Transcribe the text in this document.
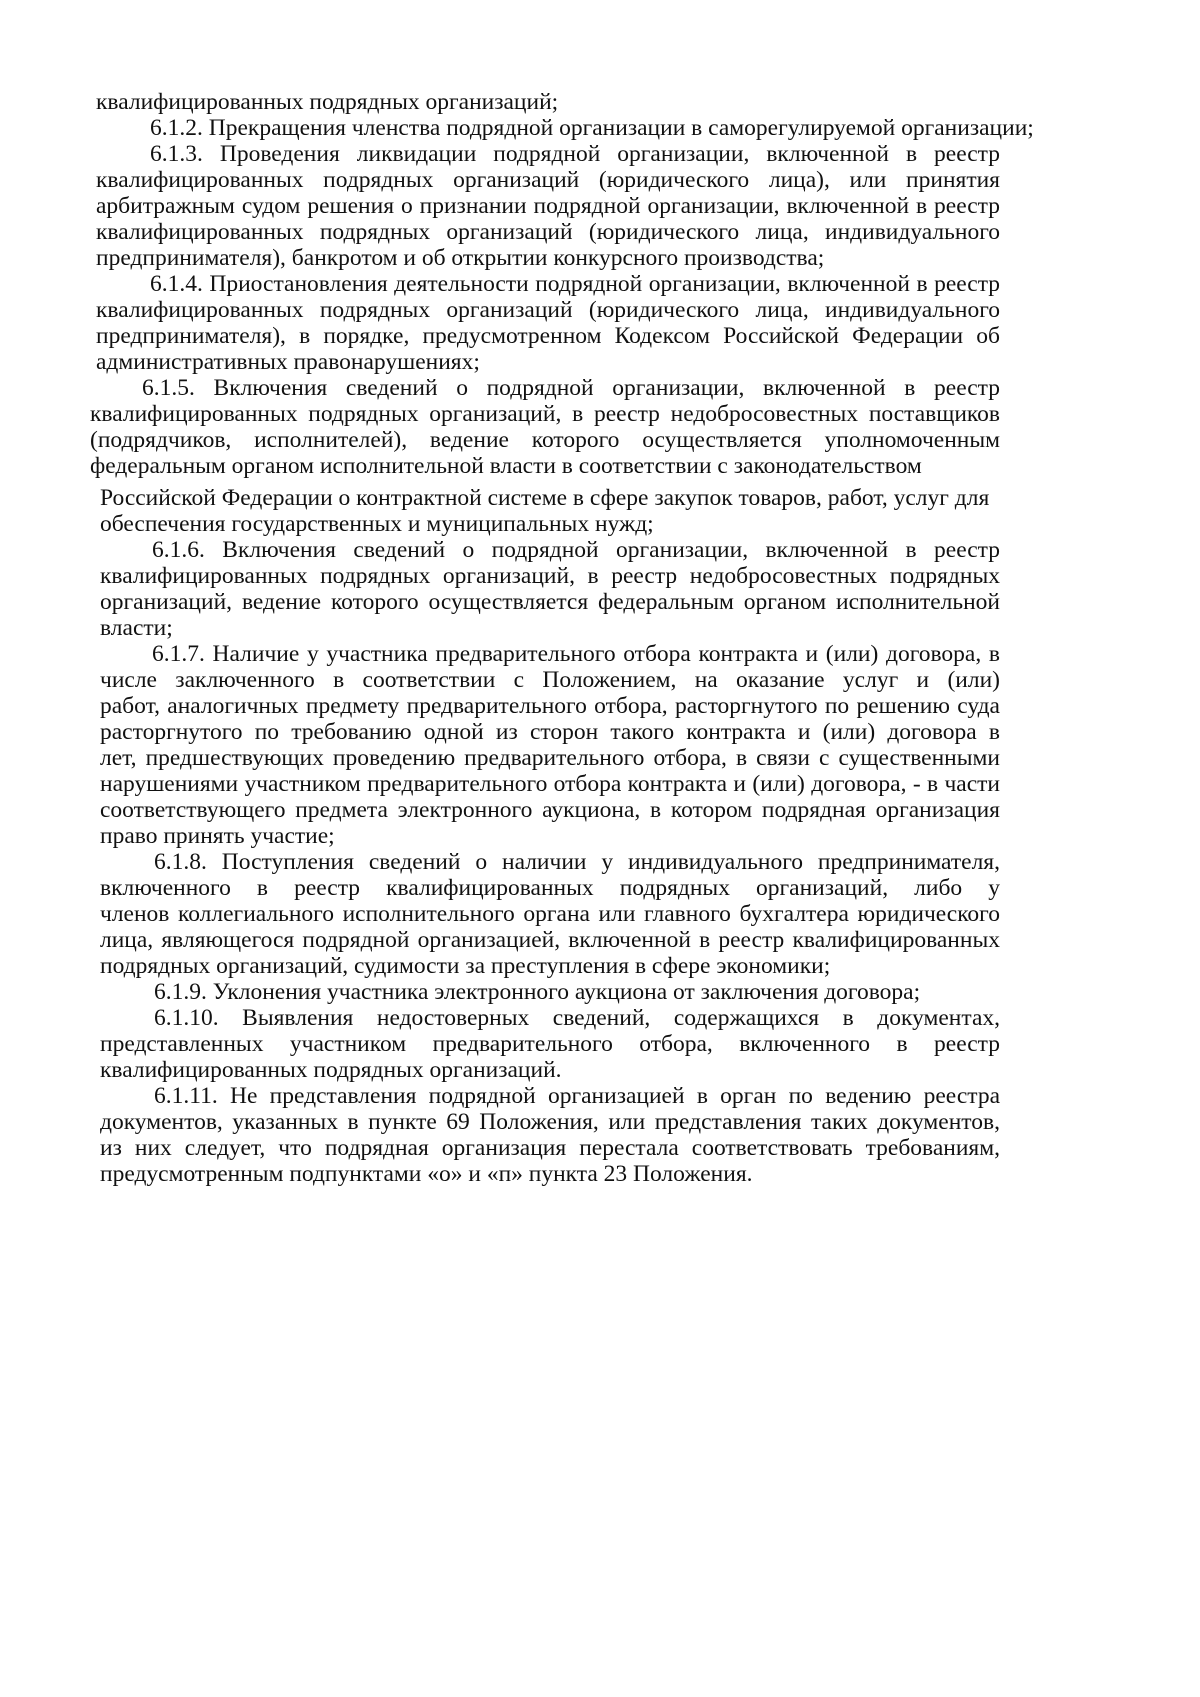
квалифицированных подрядных организаций;
6.1.2. Прекращения членства подрядной организации в саморегулируемой организации;
6.1.3. Проведения ликвидации подрядной организации, включенной в реестр
квалифицированных подрядных организаций (юридического лица), или принятия
арбитражным судом решения о признании подрядной организации, включенной в реестр
квалифицированных подрядных организаций (юридического лица, индивидуального
предпринимателя), банкротом и об открытии конкурсного производства;
6.1.4. Приостановления деятельности подрядной организации, включенной в реестр
квалифицированных подрядных организаций (юридического лица, индивидуального
предпринимателя), в порядке, предусмотренном Кодексом Российской Федерации об
административных правонарушениях;
6.1.5. Включения сведений о подрядной организации, включенной в реестр
квалифицированных подрядных организаций, в реестр недобросовестных поставщиков
(подрядчиков, исполнителей), ведение которого осуществляется уполномоченным
федеральным органом исполнительной власти в соответствии с законодательством
Российской Федерации о контрактной системе в сфере закупок товаров, работ, услуг для
обеспечения государственных и муниципальных нужд;
6.1.6. Включения сведений о подрядной организации, включенной в реестр
квалифицированных подрядных организаций, в реестр недобросовестных подрядных
организаций, ведение которого осуществляется федеральным органом исполнительной
власти;
6.1.7. Наличие у участника предварительного отбора контракта и (или) договора, в
числе заключенного в соответствии с Положением, на оказание услуг и (или)
работ, аналогичных предмету предварительного отбора, расторгнутого по решению суда
расторгнутого по требованию одной из сторон такого контракта и (или) договора в
лет, предшествующих проведению предварительного отбора, в связи с существенными
нарушениями участником предварительного отбора контракта и (или) договора, - в части
соответствующего предмета электронного аукциона, в котором подрядная организация
право принять участие;
6.1.8. Поступления сведений о наличии у индивидуального предпринимателя,
включенного в реестр квалифицированных подрядных организаций, либо у
членов коллегиального исполнительного органа или главного бухгалтера юридического
лица, являющегося подрядной организацией, включенной в реестр квалифицированных
подрядных организаций, судимости за преступления в сфере экономики;
6.1.9. Уклонения участника электронного аукциона от заключения договора;
6.1.10. Выявления недостоверных сведений, содержащихся в документах,
представленных участником предварительного отбора, включенного в реестр
квалифицированных подрядных организаций.
6.1.11. Не представления подрядной организацией в орган по ведению реестра
документов, указанных в пункте 69 Положения, или представления таких документов,
из них следует, что подрядная организация перестала соответствовать требованиям,
предусмотренным подпунктами «о» и «п» пункта 23 Положения.
